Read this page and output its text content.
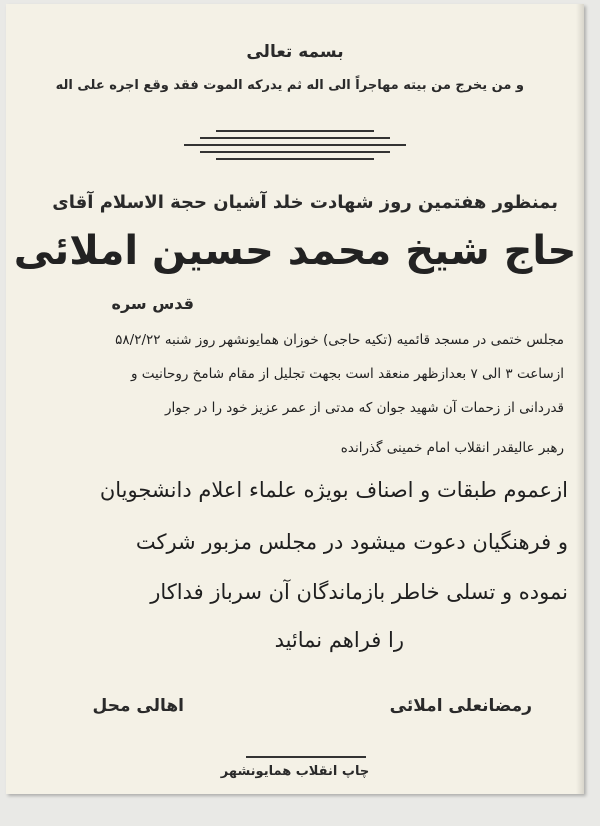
بسمه تعالی
و من یخرج من بیته مهاجراً الی اله ثم یدرکه الموت فقد وقع اجره علی اله
بمنظور هفتمین روز شهادت خلد آشیان حجة الاسلام آقای
حاج شیخ محمد حسین املائی
قدس سره
مجلس ختمی در مسجد قائمیه (تکیه حاجی) خوزان همایونشهر روز شنبه ۵۸/۲/۲۲
ازساعت ۳ الی ۷ بعدازظهر منعقد است بجهت تجلیل از مقام شامخ روحانیت و
قدردانی از زحمات آن شهید جوان که مدتی از عمر عزیز خود را در جوار
رهبر عالیقدر انقلاب امام خمینی گذرانده
ازعموم طبقات و اصناف بویژه علماء اعلام دانشجویان
و فرهنگیان دعوت میشود در مجلس مزبور شرکت
نموده و تسلی خاطر بازماندگان آن سرباز فداکار
را فراهم نمائید
رمضانعلی املائی
اهالی محل
چاپ انقلاب همایونشهر
